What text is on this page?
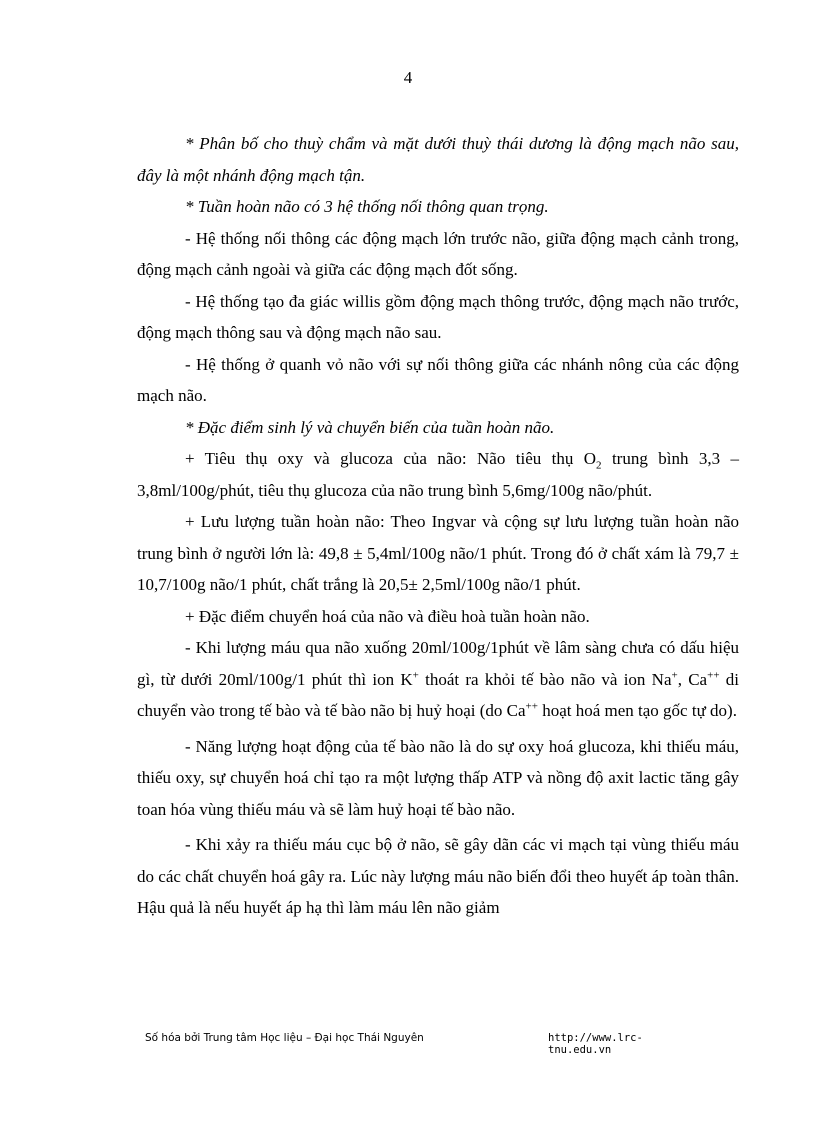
4

* Phân bố cho thuỳ chẩm và mặt dưới thuỳ thái dương là động mạch não sau, đây là một nhánh động mạch tận.

* Tuần hoàn não có 3 hệ thống nối thông quan trọng.

- Hệ thống nối thông các động mạch lớn trước não, giữa động mạch cảnh trong, động mạch cảnh ngoài và giữa các động mạch đốt sống.

- Hệ thống tạo đa giác willis gồm động mạch thông trước, động mạch não trước, động mạch thông sau và động mạch não sau.

- Hệ thống ở quanh vỏ não với sự nối thông giữa các nhánh nông của các động mạch não.

* Đặc điểm sinh lý và chuyển biến của tuần hoàn não.

+ Tiêu thụ oxy và glucoza của não: Não tiêu thụ $O_2$ trung bình 3,3 – 3,8ml/100g/phút, tiêu thụ glucoza của não trung bình 5,6mg/100g não/phút.

+ Lưu lượng tuần hoàn não: Theo Ingvar và cộng sự lưu lượng tuần hoàn não trung bình ở người lớn là: 49,8 ± 5,4ml/100g não/1 phút. Trong đó ở chất xám là 79,7 ± 10,7/100g não/1 phút, chất trắng là 20,5± 2,5ml/100g não/1 phút.

+ Đặc điểm chuyển hoá của não và điều hoà tuần hoàn não.

- Khi lượng máu qua não xuống 20ml/100g/1phút về lâm sàng chưa có dấu hiệu gì, từ dưới 20ml/100g/1 phút thì ion K+ thoát ra khỏi tế bào não và ion Na+, Ca++ di chuyển vào trong tế bào và tế bào não bị huỷ hoại (do Ca++ hoạt hoá men tạo gốc tự do).

- Năng lượng hoạt động của tế bào não là do sự oxy hoá glucoza, khi thiếu máu, thiếu oxy, sự chuyển hoá chỉ tạo ra một lượng thấp ATP và nồng độ axit lactic tăng gây toan hóa vùng thiếu máu và sẽ làm huỷ hoại tế bào não.

- Khi xảy ra thiếu máu cục bộ ở não, sẽ gây dãn các vi mạch tại vùng thiếu máu do các chất chuyển hoá gây ra. Lúc này lượng máu não biến đổi theo huyết áp toàn thân. Hậu quả là nếu huyết áp hạ thì làm máu lên não giảm

Số hóa bởi Trung tâm Học liệu – Đại học Thái Nguyên	http://www.lrc-tnu.edu.vn
